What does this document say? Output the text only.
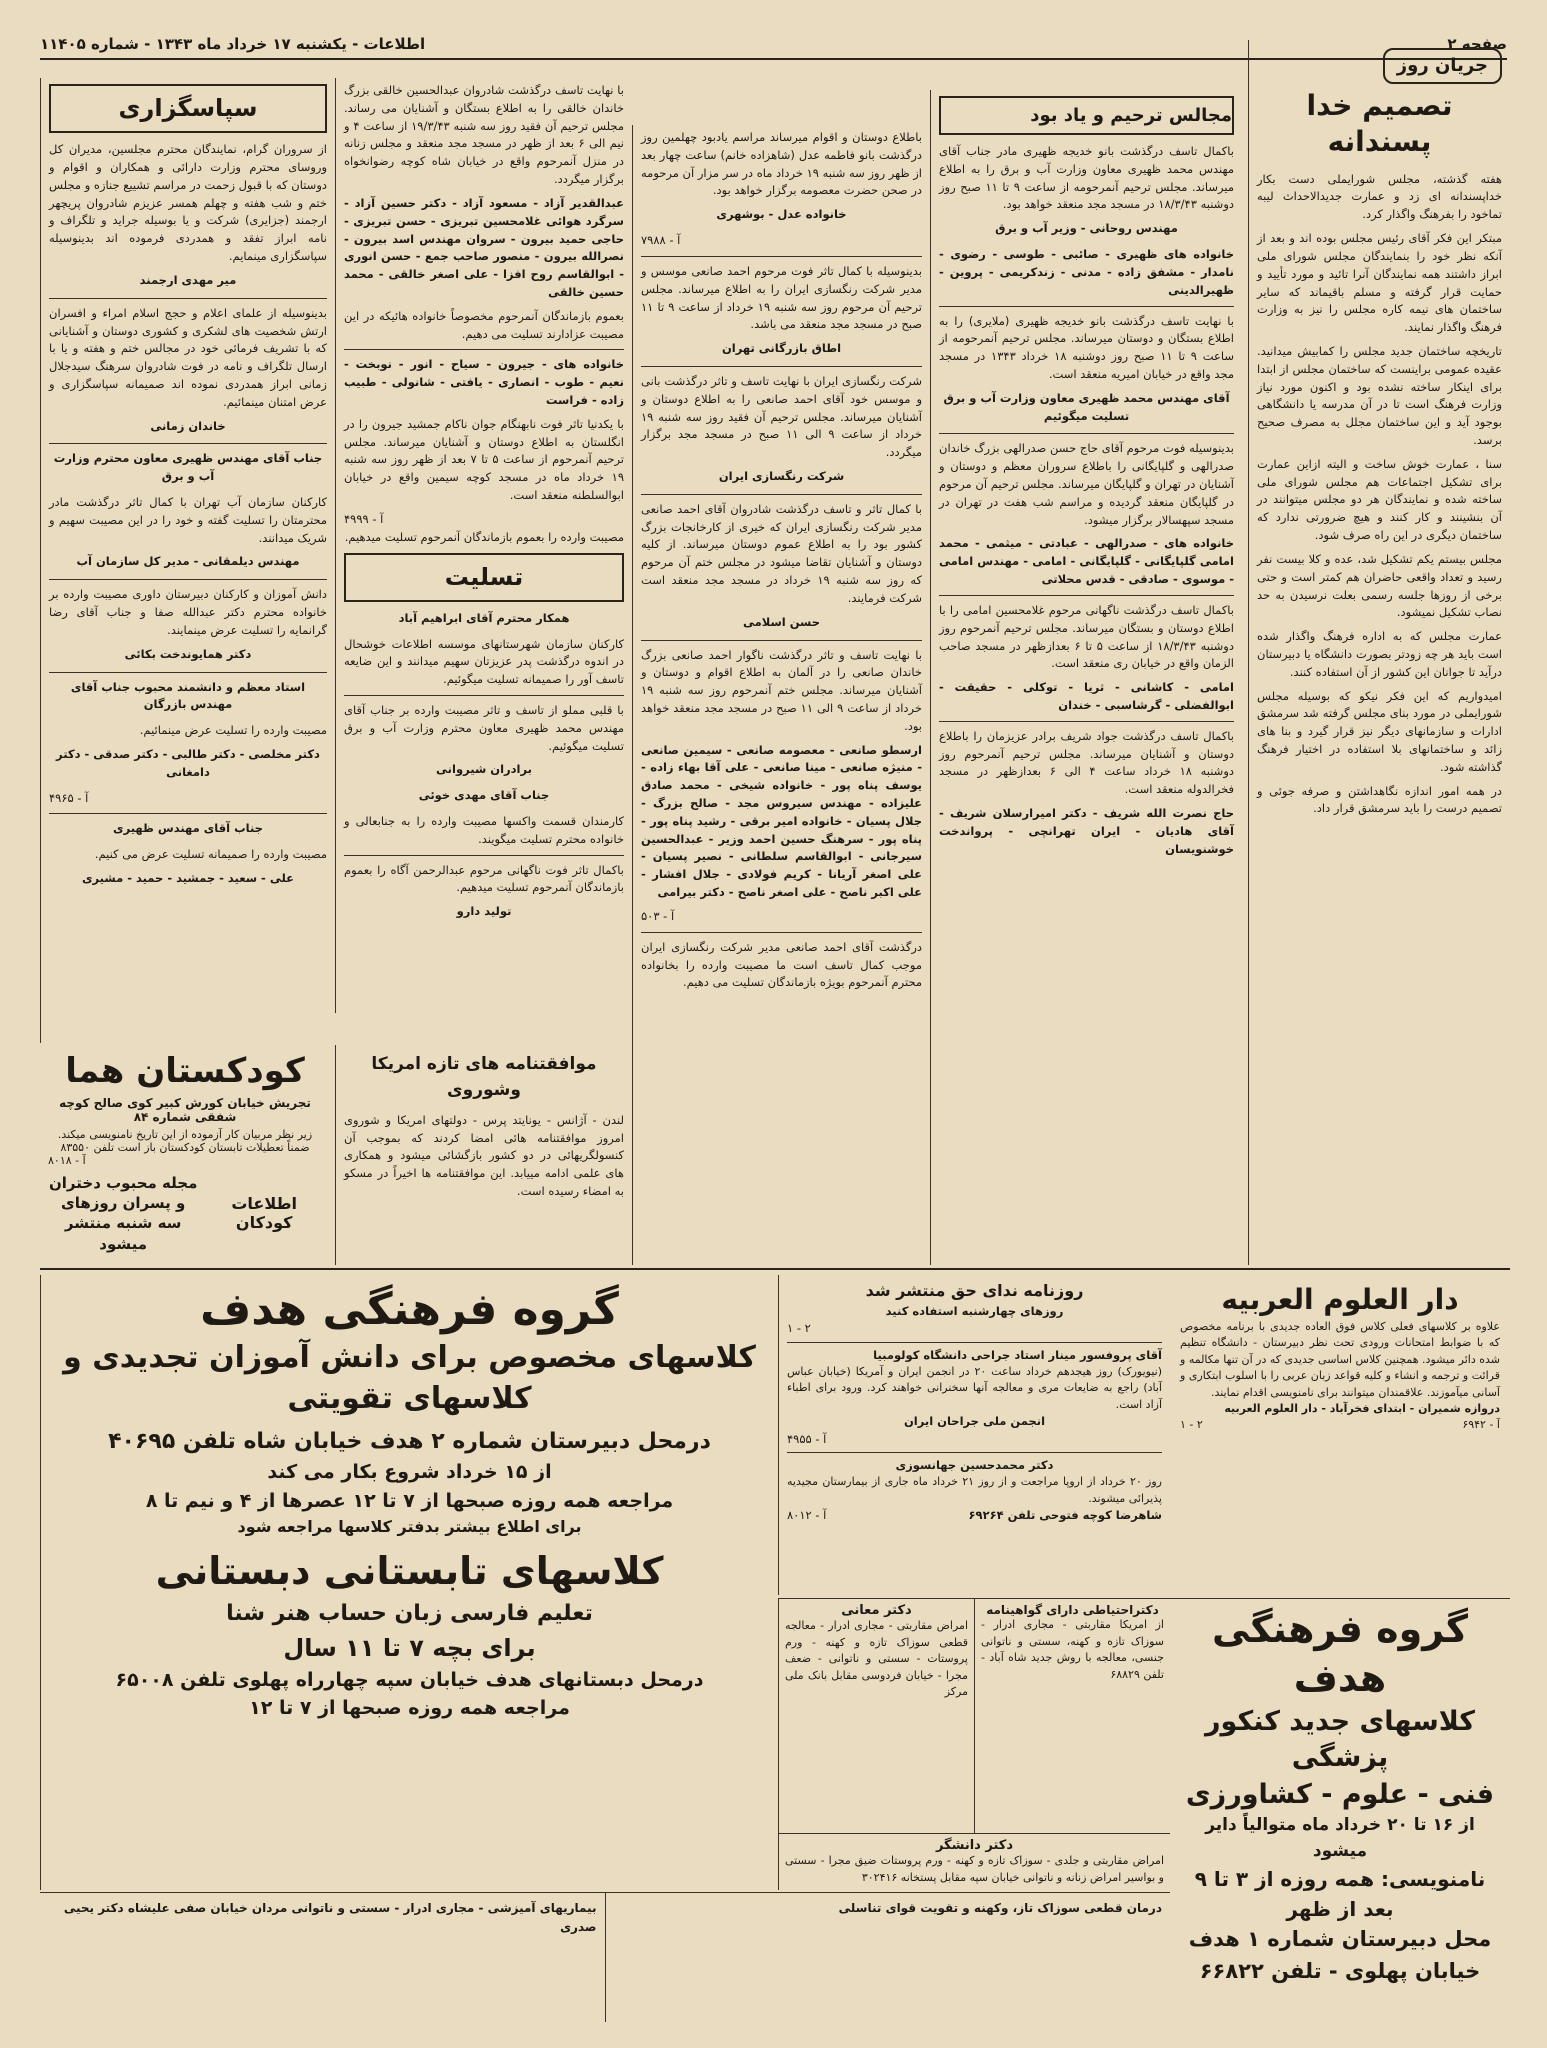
صفحه ۲
اطلاعات - یکشنبه ۱۷ خرداد ماه ۱۳۴۳ - شماره ۱۱۴۰۵
جریان روز
تصمیم خدا پسندانه

هفته گذشته، مجلس شورایملی دست بکار خداپسندانه ای زد و عمارت جدیدالاحداث لیبه تماخود را بفرهنگ واگذار کرد.

مبتکر این فکر آقای رئیس مجلس بوده اند و بعد از آنکه نظر خود را بنمایندگان مجلس شورای ملی ابراز داشتند همه نمایندگان آنرا تائید و مورد تأیید و حمایت قرار گرفته و مسلم باقیماند که سایر ساختمان های نیمه کاره مجلس را نیز به وزارت فرهنگ واگذار نمایند.

تاریخچه ساختمان جدید مجلس را کمابیش میدانید. عقیده عمومی براینست که ساختمان مجلس از ابتدا برای اینکار ساخته نشده بود و اکنون مورد نیاز وزارت فرهنگ است تا در آن مدرسه یا دانشگاهی بوجود آید و این ساختمان مجلل به مصرف صحیح برسد.

سنا ، عمارت خوش ساخت و الیته ازاین عمارت برای تشکیل اجتماعات هم مجلس شورای ملی ساخته شده و نمایندگان هر دو مجلس میتوانند در آن بنشینند و کار کنند و هیچ ضرورتی ندارد که ساختمان دیگری در این راه صرف شود.

مجلس بیستم یکم تشکیل شد، عده و کلا بیست نفر رسید و تعداد واقعی حاضران هم کمتر است و حتی برخی از روزها جلسه رسمی بعلت نرسیدن به حد نصاب تشکیل نمیشود.

عمارت مجلس که به اداره فرهنگ واگذار شده است باید هر چه زودتر بصورت دانشگاه یا دبیرستان درآید تا جوانان این کشور از آن استفاده کنند.

امیدواریم که این فکر نیکو که بوسیله مجلس شورایملی در مورد بنای مجلس گرفته شد سرمشق ادارات و سازمانهای دیگر نیز قرار گیرد و بنا های زائد و ساختمانهای بلا استفاده در اختیار فرهنگ گذاشته شود.

در همه امور اندازه نگاهداشتن و صرفه جوئی و تصمیم درست را باید سرمشق قرار داد.

مجالس ترحیم و یاد بود

باکمال تاسف درگذشت بانو خدیجه ظهیری مادر جناب آقای مهندس محمد ظهیری معاون وزارت آب و برق را به اطلاع میرساند. مجلس ترحیم آنمرحومه از ساعت ۹ تا ۱۱ صبح روز دوشنبه ۱۸/۳/۴۳ در مسجد مجد منعقد خواهد بود.

مهندس روحانی - وزیر آب و برق

خانواده های ظهیری - صائبی - طوسی - رضوی - نامدار - مشفق زاده - مدنی - زندکریمی - پروین - ظهیرالدینی

با نهایت تاسف درگذشت بانو خدیجه ظهیری (ملایری) را به اطلاع بستگان و دوستان میرساند. مجلس ترحیم آنمرحومه از ساعت ۹ تا ۱۱ صبح روز دوشنبه ۱۸ خرداد ۱۳۴۳ در مسجد مجد واقع در خیابان امیریه منعقد است.

آقای مهندس محمد ظهیری معاون وزارت آب و برق تسلیت میگوئیم

بدینوسیله فوت مرحوم آقای حاج حسن صدرالهی بزرگ خاندان صدرالهی و گلپایگانی را باطلاع سروران معظم و دوستان و آشنایان در تهران و گلپایگان میرساند. مجلس ترحیم آن مرحوم در گلپایگان منعقد گردیده و مراسم شب هفت در تهران در مسجد سپهسالار برگزار میشود.

خانواده های - صدرالهی - عبادتی - میثمی - محمد امامی گلپایگانی - گلپایگانی - امامی - مهندس امامی - موسوی - صادقی - قدس محلاتی

باکمال تاسف درگذشت ناگهانی مرحوم غلامحسین امامی را با اطلاع دوستان و بستگان میرساند. مجلس ترحیم آنمرحوم روز دوشنبه ۱۸/۳/۴۳ از ساعت ۵ تا ۶ بعدازظهر در مسجد صاحب الزمان واقع در خیابان ری منعقد است.

امامی - کاشانی - ثریا - توکلی - حقیقت - ابوالفضلی - گرشاسبی - خندان

باکمال تاسف درگذشت جواد شریف برادر عزیزمان را باطلاع دوستان و آشنایان میرساند. مجلس ترحیم آنمرحوم روز دوشنبه ۱۸ خرداد ساعت ۴ الی ۶ بعدازظهر در مسجد فخرالدوله منعقد است.

حاج نصرت الله شریف - دکتر امیرارسلان شریف - آقای هادیان - ایران تهرانچی - پرواندخت خوشنویسان

باطلاع دوستان و اقوام میرساند مراسم یادبود چهلمین روز درگذشت بانو فاطمه عدل (شاهزاده خانم) ساعت چهار بعد از ظهر روز سه شنبه ۱۹ خرداد ماه در سر مزار آن مرحومه در صحن حضرت معصومه برگزار خواهد بود.

خانواده عدل - بوشهری
آ - ۷۹۸۸

بدینوسیله با کمال تاثر فوت مرحوم احمد صانعی موسس و مدیر شرکت رنگسازی ایران را به اطلاع میرساند. مجلس ترحیم آن مرحوم روز سه شنبه ۱۹ خرداد از ساعت ۹ تا ۱۱ صبح در مسجد مجد منعقد می باشد.

اطاق بازرگانی تهران

شرکت رنگسازی ایران با نهایت تاسف و تاثر درگذشت بانی و موسس خود آقای احمد صانعی را به اطلاع دوستان و آشنایان میرساند. مجلس ترحیم آن فقید روز سه شنبه ۱۹ خرداد از ساعت ۹ الی ۱۱ صبح در مسجد مجد برگزار میگردد.

شرکت رنگسازی ایران

با کمال تاثر و تاسف درگذشت شادروان آقای احمد صانعی مدیر شرکت رنگسازی ایران که خیری از کارخانجات بزرگ کشور بود را به اطلاع عموم دوستان میرساند. از کلیه دوستان و آشنایان تقاضا میشود در مجلس ختم آن مرحوم که روز سه شنبه ۱۹ خرداد در مسجد مجد منعقد است شرکت فرمایند.

حسن اسلامی

با نهایت تاسف و تاثر درگذشت ناگوار احمد صانعی بزرگ خاندان صانعی را در آلمان به اطلاع اقوام و دوستان و آشنایان میرساند. مجلس ختم آنمرحوم روز سه شنبه ۱۹ خرداد از ساعت ۹ الی ۱۱ صبح در مسجد مجد منعقد خواهد بود.

ارسطو صانعی - معصومه صانعی - سیمین صانعی - منیژه صانعی - مینا صانعی - علی آقا بهاء زاده - یوسف پناه پور - خانواده شیخی - محمد صادق علیزاده - مهندس سیروس مجد - صالح بزرگ - جلال پسیان - خانواده امیر برقی - رشید پناه پور - پناه پور - سرهنگ حسین احمد وزیر - عبدالحسین سیرجانی - ابوالقاسم سلطانی - نصیر پسیان - علی اصغر آریانا - کریم فولادی - جلال افشار - علی اکبر ناصح - علی اصغر ناصح - دکتر بیرامی

آ - ۵۰۳

درگذشت آقای احمد صانعی مدیر شرکت رنگسازی ایران موجب کمال تاسف است ما مصیبت وارده را بخانواده محترم آنمرحوم بویژه بازماندگان تسلیت می دهیم.

با نهایت تاسف درگذشت شادروان عبدالحسین خالقی بزرگ خاندان خالقی را به اطلاع بستگان و آشنایان می رساند. مجلس ترحیم آن فقید روز سه شنبه ۱۹/۳/۴۳ از ساعت ۴ و نیم الی ۶ بعد از ظهر در مسجد مجد منعقد و مجلس زنانه در منزل آنمرحوم واقع در خیابان شاه کوچه رضوانخواه برگزار میگردد.

عبدالقدیر آزاد - مسعود آزاد - دکتر حسین آزاد - سرگرد هوائی غلامحسین تبریزی - حسن تبریزی - حاجی حمید بیرون - سروان مهندس اسد بیرون - نصرالله بیرون - منصور صاحب جمع - حسن انوری - ابوالقاسم روح افزا - علی اصغر خالقی - محمد حسین خالقی

بعموم بازماندگان آنمرحوم مخصوصاً خانواده هائیکه در این مصیبت عزادارند تسلیت می دهیم.

خانواده های - جیرون - سیاح - انور - نوبخت - نعیم - طوب - انصاری - یافتی - شانولی - طبیب زاده - فراست

با یکدنیا تاثر فوت نابهنگام جوان ناکام جمشید جیرون را در انگلستان به اطلاع دوستان و آشنایان میرساند. مجلس ترحیم آنمرحوم از ساعت ۵ تا ۷ بعد از ظهر روز سه شنبه ۱۹ خرداد ماه در مسجد کوچه سیمین واقع در خیابان ابوالسلطنه منعقد است.

آ - ۴۹۹۹

مصیبت وارده را بعموم بازماندگان آنمرحوم تسلیت میدهیم.

تسلیت
همکار محترم آقای ابراهیم آباد

کارکنان سازمان شهرستانهای موسسه اطلاعات خوشحال در اندوه درگذشت پدر عزیزتان سهیم میدانند و این ضایعه تاسف آور را صمیمانه تسلیت میگوئیم.

با قلبی مملو از تاسف و تاثر مصیبت وارده بر جناب آقای مهندس محمد ظهیری معاون محترم وزارت آب و برق تسلیت میگوئیم.

برادران شیروانی
جناب آقای مهدی خوئی

کارمندان قسمت واکسها مصیبت وارده را به جنابعالی و خانواده محترم تسلیت میگویند.

باکمال تاثر فوت ناگهانی مرحوم عبدالرحمن آگاه را بعموم بازماندگان آنمرحوم تسلیت میدهیم.

تولید دارو
سپاسگزاری

از سروران گرام، نمایندگان محترم مجلسین، مدیران کل وروسای محترم وزارت دارائی و همکاران و اقوام و دوستان که با قبول زحمت در مراسم تشییع جنازه و مجلس ختم و شب هفته و چهلم همسر عزیزم شادروان پریچهر ارجمند (جزایری) شرکت و یا بوسیله جراید و تلگراف و نامه ابراز تفقد و همدردی فرموده اند بدینوسیله سپاسگزاری مینمایم.

میر مهدی ارجمند

بدینوسیله از علمای اعلام و حجج اسلام امراء و افسران ارتش شخصیت های لشکری و کشوری دوستان و آشنایانی که با تشریف فرمائی خود در مجالس ختم و هفته و یا با ارسال تلگراف و نامه در فوت شادروان سرهنگ سیدجلال زمانی ابراز همدردی نموده اند صمیمانه سپاسگزاری و عرض امتنان مینمائیم.

خاندان زمانی
جناب آقای مهندس ظهیری معاون محترم وزارت آب و برق

کارکنان سازمان آب تهران با کمال تاثر درگذشت مادر محترمتان را تسلیت گفته و خود را در این مصیبت سهیم و شریک میدانند.

مهندس دیلمقانی - مدیر کل سازمان آب

دانش آموزان و کارکنان دبیرستان داوری مصیبت وارده بر خانواده محترم دکتر عبدالله صفا و جناب آقای رضا گرانمایه را تسلیت عرض مینمایند.

دکتر همایوندخت بکائی
استاد معظم و دانشمند محبوب جناب آقای مهندس بازرگان

مصیبت وارده را تسلیت عرض مینمائیم.

دکتر مخلصی - دکتر طالبی - دکتر صدقی - دکتر دامغانی
آ - ۴۹۶۵
جناب آقای مهندس ظهیری

مصیبت وارده را صمیمانه تسلیت عرض می کنیم.

علی - سعید - جمشید - حمید - مشیری
موافقتنامه های تازه امریکا وشوروی

لندن - آژانس - یونایتد پرس - دولتهای امریکا و شوروی امروز موافقتنامه هائی امضا کردند که بموجب آن کنسولگریهائی در دو کشور بازگشائی میشود و همکاری های علمی ادامه مییابد. این موافقتنامه ها اخیراً در مسکو به امضاء رسیده است.

کودکستان هما
تجریش خیابان کورش کبیر کوی صالح کوچه شفقی شماره ۸۴
زیر نظر مربیان کار آزموده از این تاریخ نامنویسی میکند. ضمناً تعطیلات تابستان کودکستان باز است تلفن ۸۳۵۵۰
آ - ۸۰۱۸
اطلاعات کودکان
مجله محبوب دختران و پسران روزهای سه شنبه منتشر میشود
گروه فرهنگی هدف
کلاسهای مخصوص برای دانش آموزان تجدیدی و کلاسهای تقویتی
درمحل دبیرستان شماره ۲ هدف خیابان شاه تلفن ۴۰۶۹۵
از ۱۵ خرداد شروع بکار می کند
مراجعه همه روزه صبحها از ۷ تا ۱۲ عصرها از ۴ و نیم تا ۸
برای اطلاع بیشتر بدفتر کلاسها مراجعه شود
کلاسهای تابستانی دبستانی
تعلیم فارسی زبان حساب هنر شنا
برای بچه ۷ تا ۱۱ سال
درمحل دبستانهای هدف خیابان سپه چهارراه پهلوی تلفن ۶۵۰۰۸
مراجعه همه روزه صبحها از ۷ تا ۱۲
دار العلوم العربیه
علاوه بر کلاسهای فعلی کلاس فوق العاده جدیدی با برنامه مخصوص که با ضوابط امتحانات ورودی تحت نظر دبیرستان - دانشگاه تنظیم شده دائر میشود. همچنین کلاس اساسی جدیدی که در آن تنها مکالمه و قرائت و ترجمه و انشاء و کلیه قواعد زبان عربی را با اسلوب ابتکاری و آسانی میآموزند. علاقمندان میتوانند برای نامنویسی اقدام نمایند.
دروازه شمیران - ابتدای فخرآباد - دار العلوم العربیه
آ - ۶۹۴۲
۲ - ۱
روزنامه ندای حق منتشر شد
روزهای چهارشنبه استفاده کنید
۲ - ۱
آقای پروفسور مینار استاد جراحی دانشگاه کولومبیا
(نیویورک) روز هیجدهم خرداد ساعت ۲۰ در انجمن ایران و آمریکا (خیابان عباس آباد) راجع به ضایعات مری و معالجه آنها سخنرانی خواهند کرد. ورود برای اطباء آزاد است.
انجمن ملی جراحان ایران
آ - ۴۹۵۵
دکتر محمدحسین جهانسوزی
روز ۲۰ خرداد از اروپا مراجعت و از روز ۲۱ خرداد ماه جاری از بیمارستان مجیدیه پذیرائی میشوند.
شاهرضا کوچه فتوحی تلفن ۶۹۲۶۴
آ - ۸۰۱۲
دکتراحتیاطی دارای گواهینامه
از امریکا مقاربتی - مجاری ادرار - سوزاک تازه و کهنه، سستی و ناتوانی جنسی، معالجه با روش جدید شاه آباد - تلفن ۶۸۸۲۹
دکتر معانی
امراض مقاربتی - مجاری ادرار - معالجه قطعی سوزاک تازه و کهنه - ورم پروستات - سستی و ناتوانی - ضعف مجرا - خیابان فردوسی مقابل بانک ملی مرکز
دکتر دانشگر
امراض مقاربتی و جلدی - سوزاک تازه و کهنه - ورم پروستات ضیق مجرا - سستی و بواسیر امراض زنانه و ناتوانی خیابان سپه مقابل پستخانه ۳۰۲۴۱۶
گروه فرهنگی هدف
کلاسهای جدید کنکور پزشگی
فنی - علوم - کشاورزی
از ۱۶ تا ۲۰ خرداد ماه متوالیاً دایر میشود
نامنویسی: همه روزه از ۳ تا ۹ بعد از ظهر
محل دبیرستان شماره ۱ هدف
خیابان پهلوی - تلفن ۶۶۸۲۲
درمان قطعی سوزاک تاز، وکهنه و تقویت قوای تناسلی
بیماریهای آمیزشی - مجاری ادرار - سستی و ناتوانی مردان خیابان صفی علیشاه دکتر یحیی صدری
